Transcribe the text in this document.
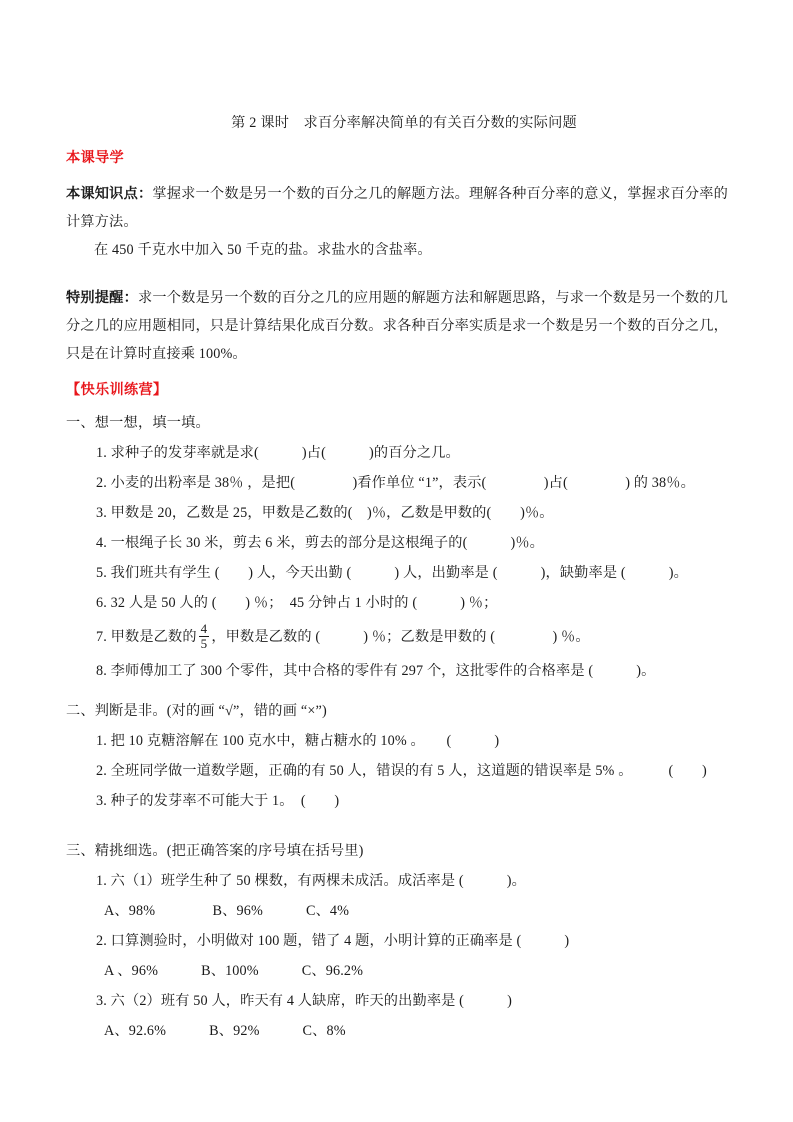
第 2 课时　求百分率解决简单的有关百分数的实际问题
本课导学

本课知识点：掌握求一个数是另一个数的百分之几的解题方法。理解各种百分率的意义，掌握求百分率的计算方法。

在 450 千克水中加入 50 千克的盐。求盐水的含盐率。

特别提醒：求一个数是另一个数的百分之几的应用题的解题方法和解题思路，与求一个数是另一个数的几分之几的应用题相同，只是计算结果化成百分数。求各种百分率实质是求一个数是另一个数的百分之几，只是在计算时直接乘 100%。

【快乐训练营】
一、想一想，填一填。
1. 求种子的发芽率就是求(　　　)占(　　　)的百分之几。
2. 小麦的出粉率是 38％ ，是把(　　　　)看作单位 “1”，表示(　　　　)占(　　　　) 的 38％。
3. 甲数是 20，乙数是 25，甲数是乙数的(　)％，乙数是甲数的(　　)％。
4. 一根绳子长 30 米，剪去 6 米，剪去的部分是这根绳子的(　　　)％。
5. 我们班共有学生 (　　) 人，今天出勤 (　　　) 人，出勤率是 (　　　)，缺勤率是 (　　　)。
6. 32 人是 50 人的 (　　) ％；　45 分钟占 1 小时的 (　　　) ％；
7. 甲数是乙数的 $\frac{4}{5}$ ，甲数是乙数的 (　　　) ％；乙数是甲数的 (　　　　) ％。
8. 李师傅加工了 300 个零件，其中合格的零件有 297 个，这批零件的合格率是 (　　　)。
二、判断是非。(对的画 “√”，错的画 “×”)
1. 把 10 克糖溶解在 100 克水中，糖占糖水的 10% 。　　(　　　)
2. 全班同学做一道数学题，正确的有 50 人，错误的有 5 人，这道题的错误率是 5% 。　　　(　　)
3. 种子的发芽率不可能大于 1。　(　　)
三、精挑细选。(把正确答案的序号填在括号里)
1. 六（1）班学生种了 50 棵数，有两棵未成活。成活率是 (　　　)。
A、98%　　　　B、96%　　　C、4%
2. 口算测验时，小明做对 100 题，错了 4 题，小明计算的正确率是 (　　　)
A 、96%　　　B、100%　　　C、96.2%
3. 六（2）班有 50 人，昨天有 4 人缺席，昨天的出勤率是 (　　　)
A、92.6%　　　B、92%　　　C、8%
